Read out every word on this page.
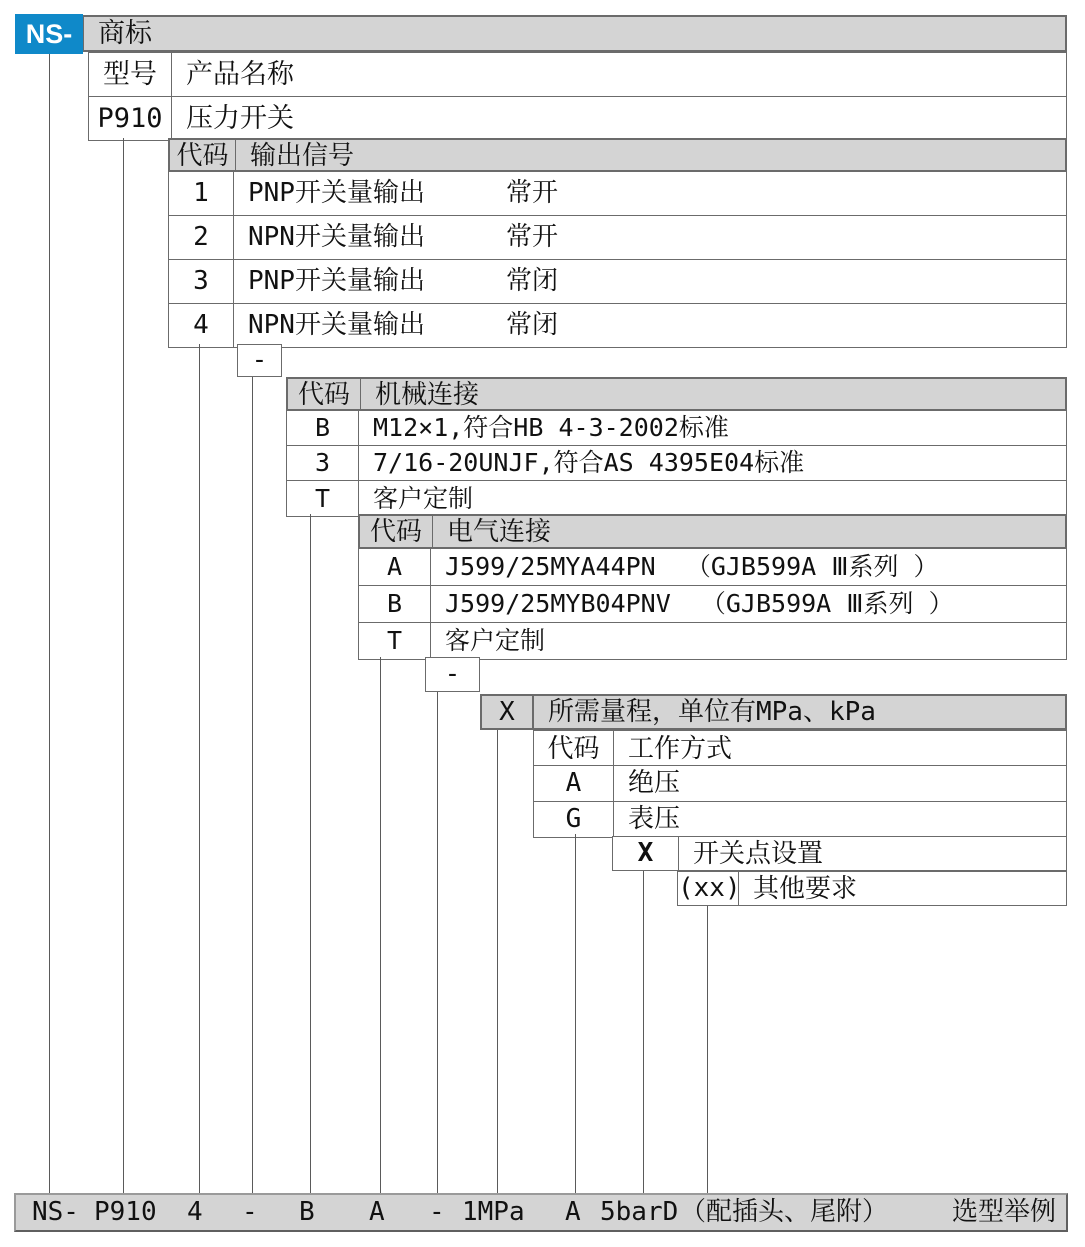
NS- 商标
型号	产品名称
P910 压力开关
代码 输出信号
1	PNP开关量输出	常开
2	NPN开关量输出	常开
3	PNP开关量输出	常闭
4	NPN开关量输出	常闭
-
代码 机械连接
B	M12×1,符合HB 4-3-2002标准
3	7/16-20UNJF,符合AS 4395E04标准
T	客户定制
代码 电气连接
A	J599/25MYA44PN  （GJB599A Ⅲ系列 ）
B	J599/25MYB04PNV  （GJB599A Ⅲ系列 ）
T	客户定制
-
X	所需量程，单位有MPa、kPa
代码	工作方式
A	绝压
G	表压
X	开关点设置
(xx) 其他要求

NS-

P910

4

-

B

A

-

1MPa

A

5barD

（配插头、尾附）

选型举例
